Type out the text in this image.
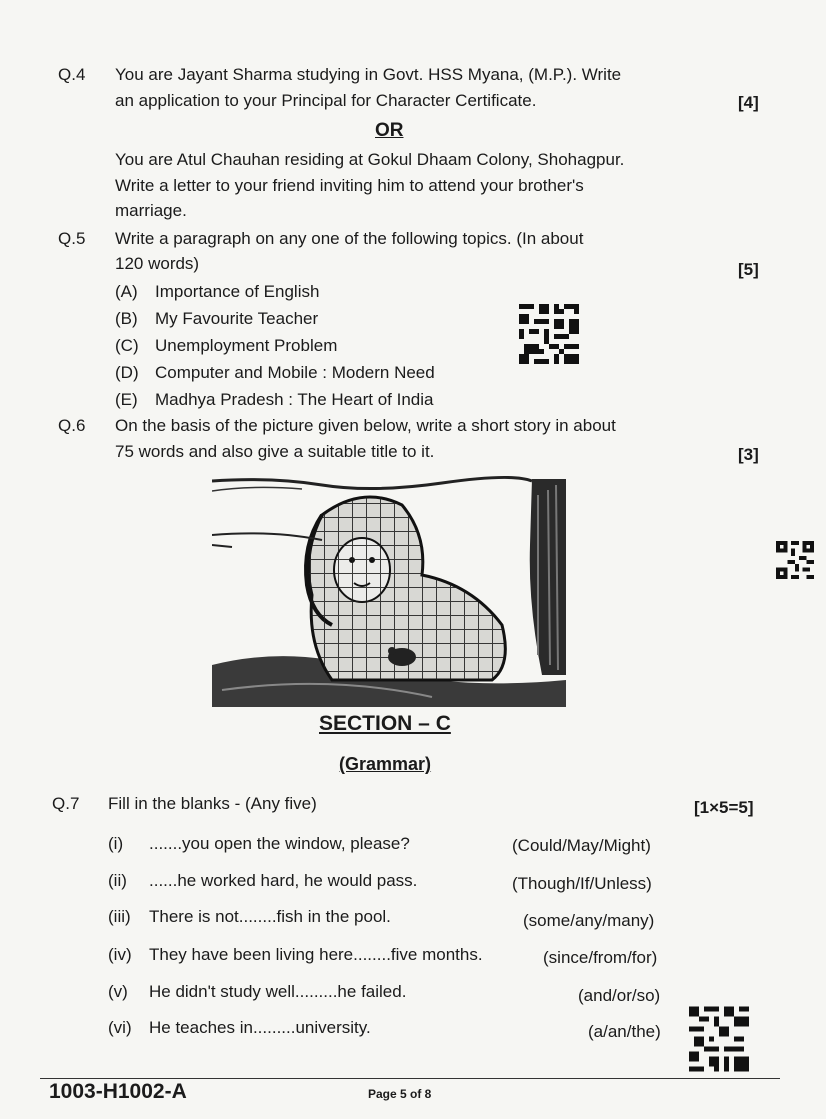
Q.4 You are Jayant Sharma studying in Govt. HSS Myana, (M.P.). Write
an application to your Principal for Character Certificate.	[4]
OR
You are Atul Chauhan residing at Gokul Dhaam Colony, Shohagpur.
Write a letter to your friend inviting him to attend your brother's
marriage.
Q.5 Write a paragraph on any one of the following topics. (In about
120 words)	[5]
(A) Importance of English
(B) My Favourite Teacher
(C) Unemployment Problem
(D) Computer and Mobile : Modern Need
(E) Madhya Pradesh : The Heart of India
Q.6 On the basis of the picture given below, write a short story in about
75 words and also give a suitable title to it.	[3]
SECTION – C
(Grammar)
Q.7 Fill in the blanks - (Any five)	[1×5=5]
(i) .......you open the window, please?	(Could/May/Might)
(ii) ......he worked hard, he would pass.	(Though/If/Unless)
(iii) There is not........fish in the pool.	(some/any/many)
(iv) They have been living here........five months.	(since/from/for)
(v) He didn't study well.........he failed.	(and/or/so)
(vi) He teaches in.........university.	(a/an/the)
1003-H1002-A	Page 5 of 8
